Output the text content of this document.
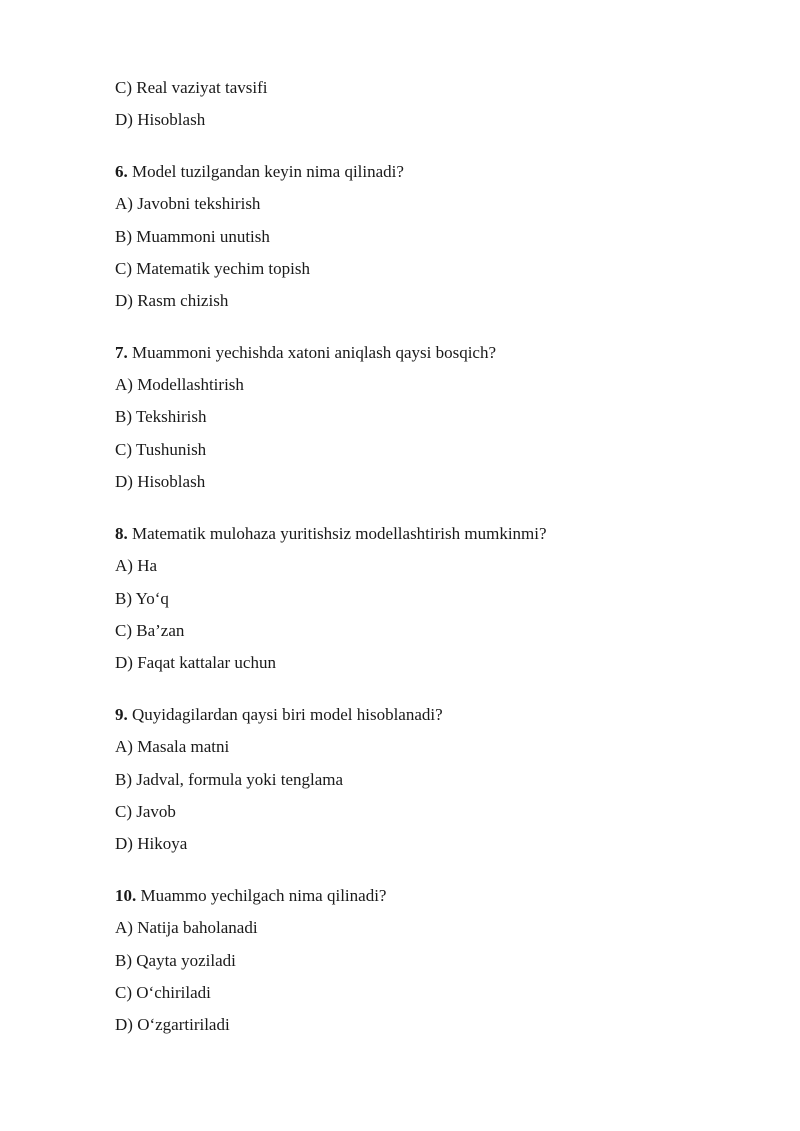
C) Real vaziyat tavsifi
D) Hisoblash
6. Model tuzilgandan keyin nima qilinadi?
A) Javobni tekshirish
B) Muammoni unutish
C) Matematik yechim topish
D) Rasm chizish
7. Muammoni yechishda xatoni aniqlash qaysi bosqich?
A) Modellashtirish
B) Tekshirish
C) Tushunish
D) Hisoblash
8. Matematik mulohaza yuritishsiz modellashtirish mumkinmi?
A) Ha
B) Yo‘q
C) Ba’zan
D) Faqat kattalar uchun
9. Quyidagilardan qaysi biri model hisoblanadi?
A) Masala matni
B) Jadval, formula yoki tenglama
C) Javob
D) Hikoya
10. Muammo yechilgach nima qilinadi?
A) Natija baholanadi
B) Qayta yoziladi
C) O‘chiriladi
D) O‘zgartiriladi
